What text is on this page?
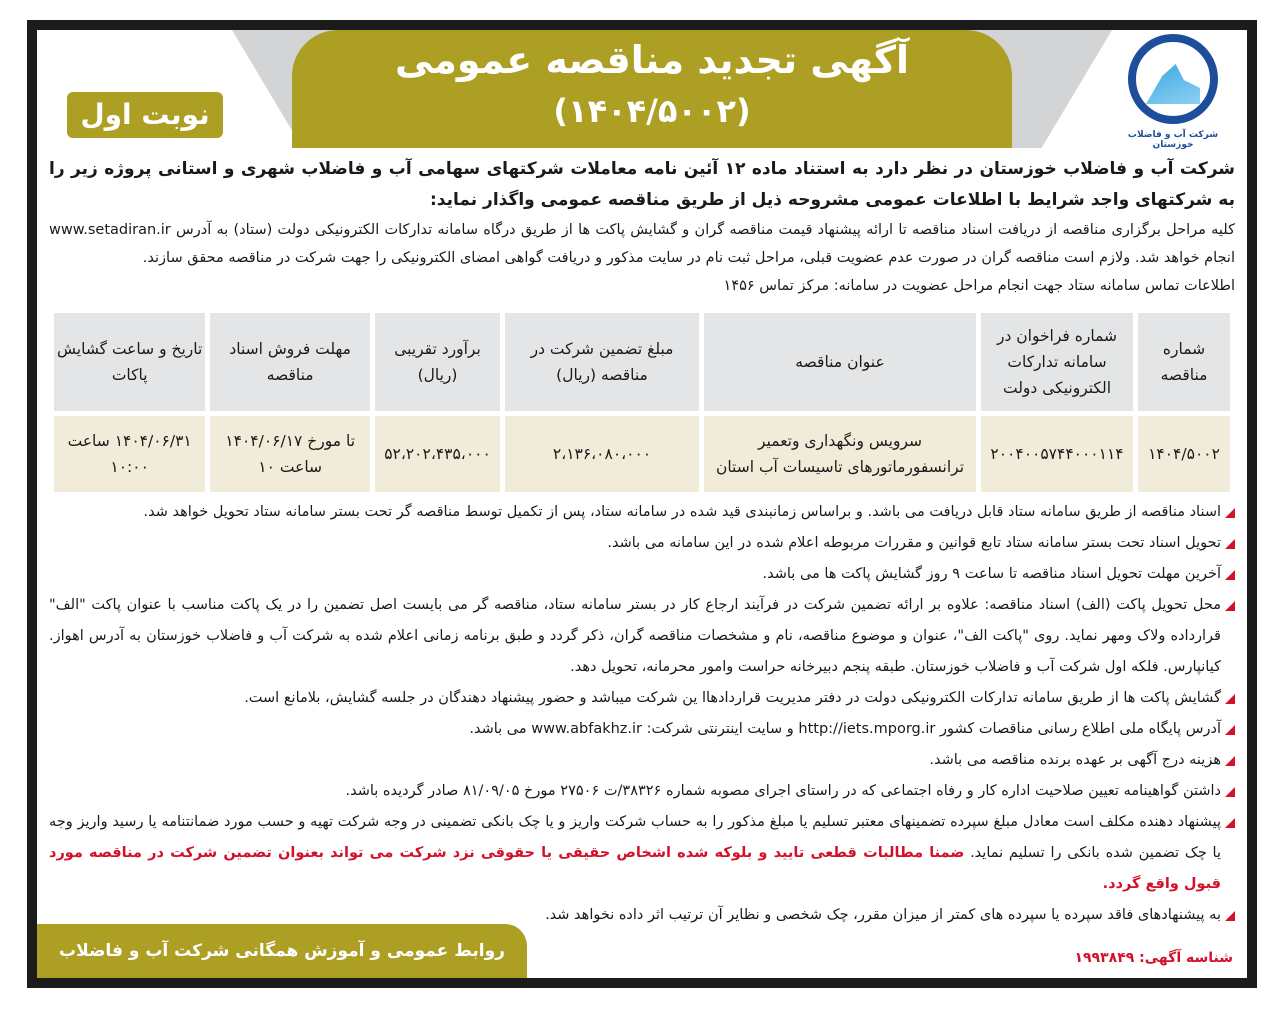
آگهی تجدید مناقصه عمومی
(۱۴۰۴/۵۰۰۲)
نوبت اول
شرکت آب و فاضلاب خوزستان
شرکت آب و فاضلاب خوزستان در نظر دارد به استناد ماده ۱۲ آئین نامه معاملات شرکتهای سهامی آب و فاضلاب شهری و استانی پروژه زیر را به شرکتهای واجد شرایط با اطلاعات عمومی مشروحه ذیل از طریق مناقصه عمومی واگذار نماید:
کلیه مراحل برگزاری مناقصه از دریافت اسناد مناقصه تا ارائه پیشنهاد قیمت مناقصه گران و گشایش پاکت ها از طریق درگاه سامانه تدارکات الکترونیکی دولت (ستاد) به آدرس www.setadiran.ir انجام خواهد شد. ولازم است مناقصه گران در صورت عدم عضویت قبلی، مراحل ثبت نام در سایت مذکور و دریافت گواهی امضای الکترونیکی را جهت شرکت در مناقصه محقق سازند.
اطلاعات تماس سامانه ستاد جهت انجام مراحل عضویت در سامانه: مرکز تماس ۱۴۵۶
شماره مناقصه	شماره فراخوان در سامانه تدارکات الکترونیکی دولت	عنوان مناقصه	مبلغ تضمین شرکت در مناقصه (ریال)	برآورد تقریبی (ریال)	مهلت فروش اسناد مناقصه	تاریخ و ساعت گشایش پاکات
۱۴۰۴/۵۰۰۲	۲۰۰۴۰۰۵۷۴۴۰۰۰۱۱۴	سرویس ونگهداری وتعمیر ترانسفورماتورهای تاسیسات آب استان	۲،۱۳۶،۰۸۰،۰۰۰	۵۲،۲۰۲،۴۳۵،۰۰۰	تا مورخ ۱۴۰۴/۰۶/۱۷ ساعت ۱۰	۱۴۰۴/۰۶/۳۱ ساعت ۱۰:۰۰
اسناد مناقصه از طریق سامانه ستاد قابل دریافت می باشد. و براساس زمانبندی قید شده در سامانه ستاد، پس از تکمیل توسط مناقصه گر تحت بستر سامانه ستاد تحویل خواهد شد.
تحویل اسناد تحت بستر سامانه ستاد تابع قوانین و مقررات مربوطه اعلام شده در این سامانه می باشد.
آخرین مهلت تحویل اسناد مناقصه تا ساعت ۹ روز گشایش پاکت ها می باشد.
محل تحویل پاکت (الف) اسناد مناقصه: علاوه بر ارائه تضمین شرکت در فرآیند ارجاع کار در بستر سامانه ستاد، مناقصه گر می بایست اصل تضمین را در یک پاکت مناسب با عنوان پاکت "الف" قرارداده ولاک ومهر نماید. روی "پاکت الف"، عنوان و موضوع مناقصه، نام و مشخصات مناقصه گران، ذکر گردد و طبق برنامه زمانی اعلام شده به شرکت آب و فاضلاب خوزستان به آدرس اهواز. کیانپارس. فلکه اول شرکت آب و فاضلاب خوزستان. طبقه پنجم دبیرخانه حراست وامور محرمانه، تحویل دهد.
گشایش پاکت ها از طریق سامانه تدارکات الکترونیکی دولت در دفتر مدیریت قراردادهاا ین شرکت میباشد و حضور پیشنهاد دهندگان در جلسه گشایش، بلامانع است.
آدرس پایگاه ملی اطلاع رسانی مناقصات کشور http://iets.mporg.ir و سایت اینترنتی شرکت: www.abfakhz.ir می باشد.
هزینه درج آگهی بر عهده برنده مناقصه می باشد.
داشتن گواهینامه تعیین صلاحیت اداره کار و رفاه اجتماعی که در راستای اجرای مصوبه شماره ۳۸۳۲۶/ت ۲۷۵۰۶ مورخ ۸۱/۰۹/۰۵ صادر گردیده باشد.
پیشنهاد دهنده مکلف است معادل مبلغ سپرده تضمینهای معتبر تسلیم یا مبلغ مذکور را به حساب شرکت واریز و یا چک بانکی تضمینی در وجه شرکت تهیه و حسب مورد ضمانتنامه یا رسید واریز وجه یا چک تضمین شده بانکی را تسلیم نماید. ضمنا مطالبات قطعی تایید و بلوکه شده اشخاص حقیقی یا حقوقی نزد شرکت می تواند بعنوان تضمین شرکت در مناقصه مورد قبول واقع گردد.
به پیشنهادهای فاقد سپرده یا سپرده های کمتر از میزان مقرر، چک شخصی و نظایر آن ترتیب اثر داده نخواهد شد.
روابط عمومی و آموزش همگانی شرکت آب و فاضلاب استان خوزستان
شناسه آگهی: ۱۹۹۳۸۴۹
